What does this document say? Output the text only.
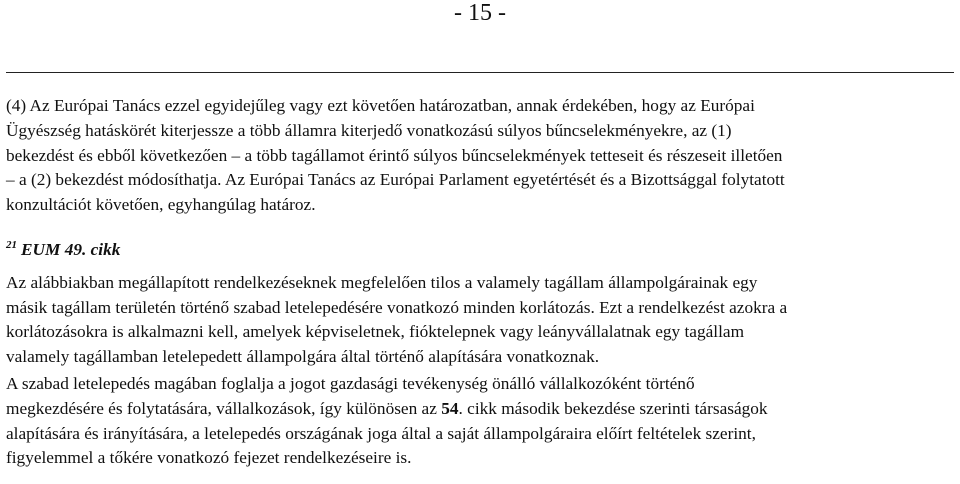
- 15 -

(4) Az Európai Tanács ezzel egyidejűleg vagy ezt követően határozatban, annak érdekében, hogy az Európai
Ügyészség hatáskörét kiterjessze a több államra kiterjedő vonatkozású súlyos bűncselekményekre, az (1)
bekezdést és ebből következően – a több tagállamot érintő súlyos bűncselekmények tetteseit és részeseit illetően
– a (2) bekezdést módosíthatja. Az Európai Tanács az Európai Parlament egyetértését és a Bizottsággal folytatott
konzultációt követően, egyhangúlag határoz.

$^{21}$ EUM 49. cikk

Az alábbiakban megállapított rendelkezéseknek megfelelően tilos a valamely tagállam állampolgárainak egy
másik tagállam területén történő szabad letelepedésére vonatkozó minden korlátozás. Ezt a rendelkezést azokra a
korlátozásokra is alkalmazni kell, amelyek képviseletnek, fióktelepnek vagy leányvállalatnak egy tagállam
valamely tagállamban letelepedett állampolgára által történő alapítására vonatkoznak.

A szabad letelepedés magában foglalja a jogot gazdasági tevékenység önálló vállalkozóként történő
megkezdésére és folytatására, vállalkozások, így különösen az 54. cikk második bekezdése szerinti társaságok
alapítására és irányítására, a letelepedés országának joga által a saját állampolgáraira előírt feltételek szerint,
figyelemmel a tőkére vonatkozó fejezet rendelkezéseire is.
